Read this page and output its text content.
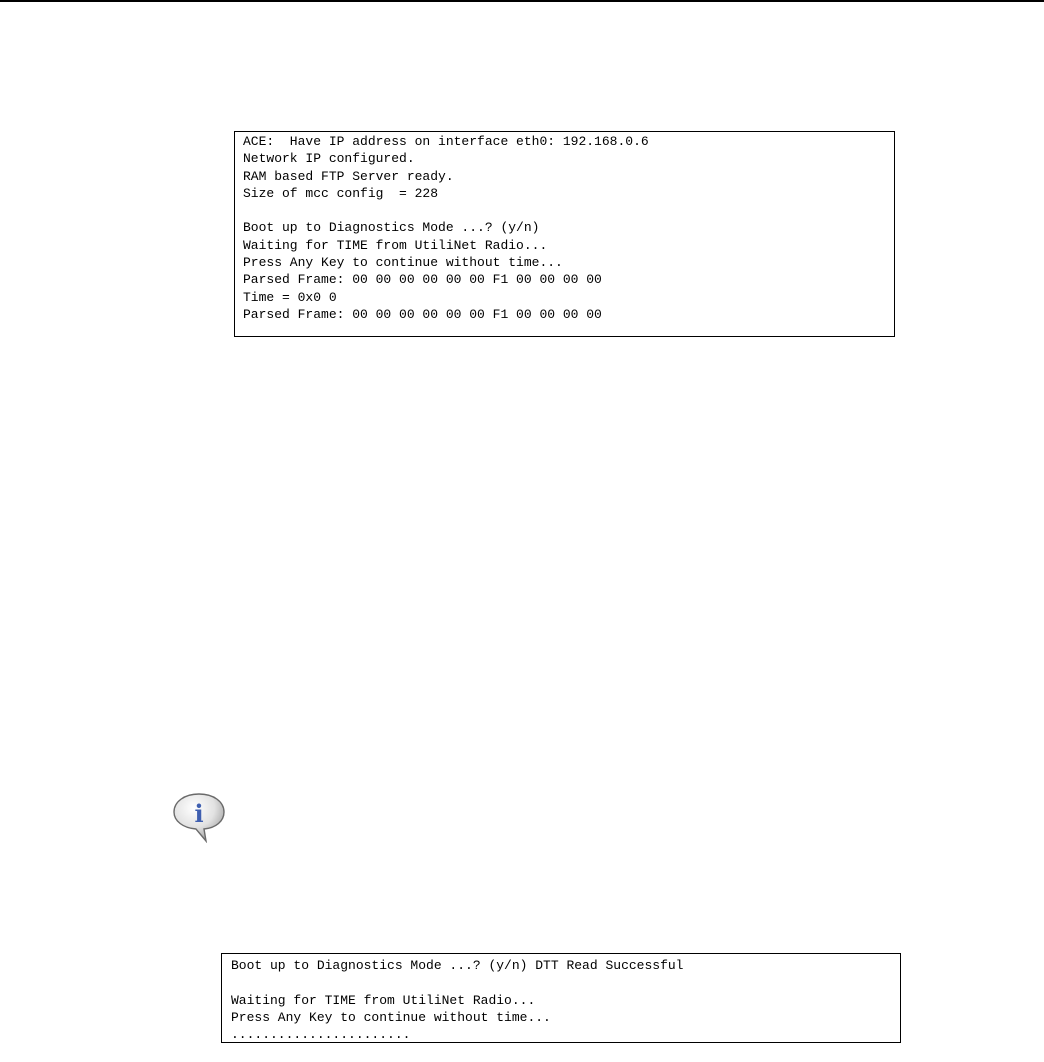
ACE:  Have IP address on interface eth0: 192.168.0.6
Network IP configured.
RAM based FTP Server ready.
Size of mcc config  = 228
Boot up to Diagnostics Mode ...? (y/n)
Waiting for TIME from UtiliNet Radio...
Press Any Key to continue without time...
Parsed Frame: 00 00 00 00 00 00 F1 00 00 00 00
Time = 0x0 0
Parsed Frame: 00 00 00 00 00 00 F1 00 00 00 00
i
Boot up to Diagnostics Mode ...? (y/n) DTT Read Successful
Waiting for TIME from UtiliNet Radio...
Press Any Key to continue without time...
.......................
